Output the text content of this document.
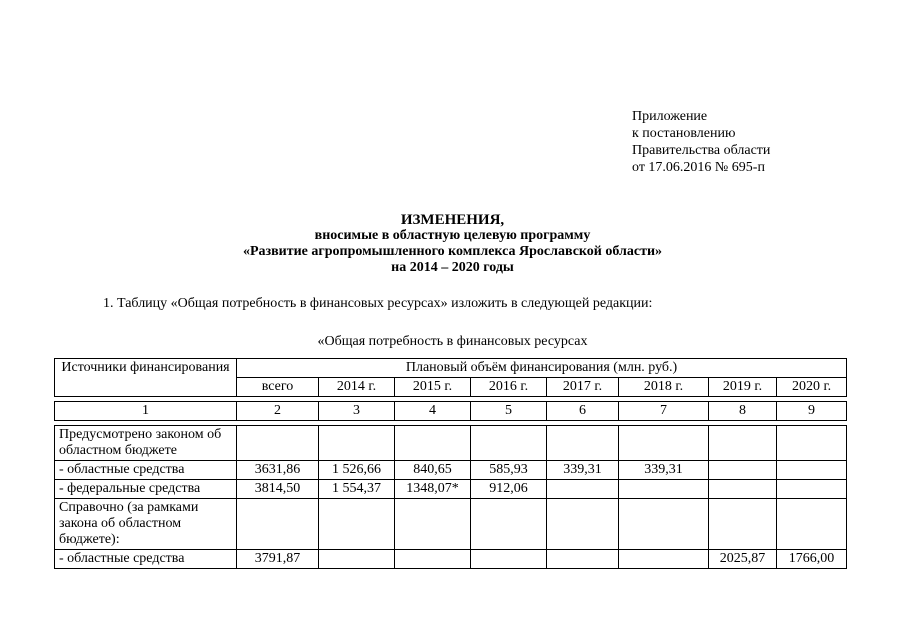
Приложение
к постановлению
Правительства области
от 17.06.2016 № 695-п
ИЗМЕНЕНИЯ,
вносимые в областную целевую программу
«Развитие агропромышленного комплекса Ярославской области»
на 2014 – 2020 годы
1. Таблицу «Общая потребность в финансовых ресурсах» изложить в следующей редакции:
«Общая потребность в финансовых ресурсах
Источники финансирования	Плановый объём финансирования (млн. руб.)							
	всего	2014 г.	2015 г.	2016 г.	2017 г.	2018 г.	2019 г.	2020 г.

1	2	3	4	5	6	7	8	9

Предусмотрено законом об областном бюджете								
- областные средства	3631,86	1 526,66	840,65	585,93	339,31	339,31		
- федеральные средства	3814,50	1 554,37	1348,07*	912,06				
Справочно (за рамками закона об областном бюджете):								
- областные средства	3791,87						2025,87	1766,00
